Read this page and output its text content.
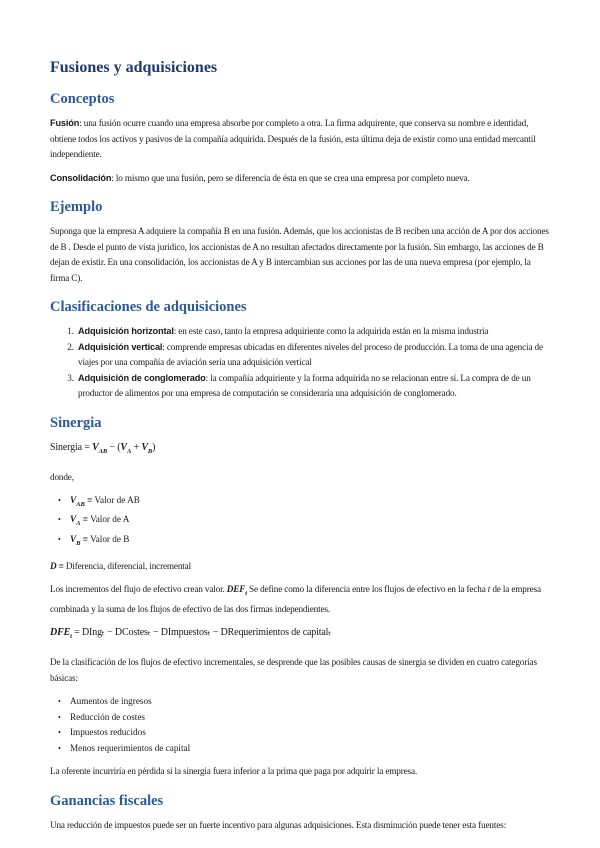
Fusiones y adquisiciones
Conceptos

Fusión: una fusión ocurre cuando una empresa absorbe por completo a otra. La firma adquirente, que conserva su nombre e identidad, obtiene todos los activos y pasivos de la compañía adquirida. Después de la fusión, esta última deja de existir como una entidad mercantil independiente.

Consolidación: lo mismo que una fusión, pero se diferencia de ésta en que se crea una empresa por completo nueva.

Ejemplo

Suponga que la empresa A adquiere la compañía B en una fusión. Además, que los accionistas de B reciben una acción de A por dos acciones de B . Desde el punto de vista jurídico, los accionistas de A no resultan afectados directamente por la fusión. Sin embargo, las acciones de B dejan de existir. En una consolidación, los accionistas de A y B intercambian sus acciones por las de una nueva empresa (por ejemplo, la firma C).

Clasificaciones de adquisiciones
1. Adquisición horizontal: en este caso, tanto la empresa adquiriente como la adquirida están en la misma industria
2. Adquisición vertical: comprende empresas ubicadas en diferentes niveles del proceso de producción. La toma de una agencia de viajes por una compañía de aviación sería una adquisición vertical
3. Adquisición de conglomerado: la compañía adquiriente y la forma adquirida no se relacionan entre sí. La compra de de un productor de alimentos por una empresa de computación se consideraría una adquisición de conglomerado.
Sinergia

Sinergia = $V_{AB} - (V_A + V_B)$

donde,

• $V_{AB}$ ≡ Valor de AB
• $V_A$ ≡ Valor de A
• $V_B$ ≡ Valor de B

D ≡ Diferencia, diferencial, incremental

Los incrementos del flujo de efectivo crean valor. $DEF_t$ Se define como la diferencia entre los flujos de efectivo en la fecha t de la empresa combinada y la suma de los flujos de efectivo de las dos firmas independientes.

$DFE_t$ = DIngₜ − DCostesₜ − DImpuestosₜ − DRequerimientos de capitalₜ

De la clasificación de los flujos de efectivo incrementales, se desprende que las posibles causas de sinergia se dividen en cuatro categorías básicas:

• Aumentos de ingresos
• Reducción de costes
• Impuestos reducidos
• Menos requerimientos de capital

La oferente incurriría en pérdida si la sinergia fuera inferior a la prima que paga por adquirir la empresa.

Ganancias fiscales

Una reducción de impuestos puede ser un fuerte incentivo para algunas adquisiciones. Esta disminución puede tener esta fuentes:
